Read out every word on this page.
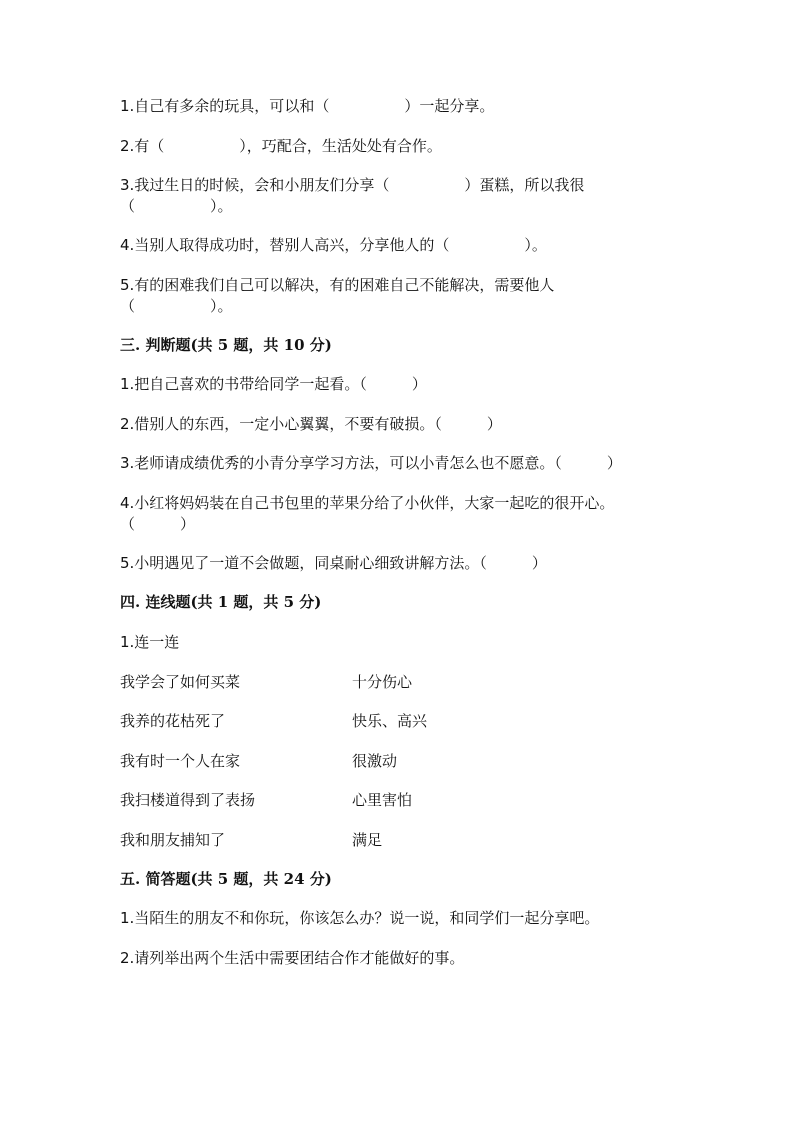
1.自己有多余的玩具，可以和（　　　　　）一起分享。
2.有（　　　　　），巧配合，生活处处有合作。
3.我过生日的时候，会和小朋友们分享（　　　　　）蛋糕，所以我很
（　　　　　）。
4.当别人取得成功时，替别人高兴，分享他人的（　　　　　）。
5.有的困难我们自己可以解决，有的困难自己不能解决，需要他人
（　　　　　）。
三. 判断题(共 5 题，共 10 分)
1.把自己喜欢的书带给同学一起看。（　　　）
2.借别人的东西，一定小心翼翼，不要有破损。（　　　）
3.老师请成绩优秀的小青分享学习方法，可以小青怎么也不愿意。（　　　）
4.小红将妈妈装在自己书包里的苹果分给了小伙伴，大家一起吃的很开心。
（　　　）
5.小明遇见了一道不会做题，同桌耐心细致讲解方法。（　　　）
四. 连线题(共 1 题，共 5 分)
1.连一连
我学会了如何买菜	十分伤心
我养的花枯死了	快乐、高兴
我有时一个人在家	很激动
我扫楼道得到了表扬	心里害怕
我和朋友捕知了	满足
五. 简答题(共 5 题，共 24 分)
1.当陌生的朋友不和你玩，你该怎么办？说一说，和同学们一起分享吧。
2.请列举出两个生活中需要团结合作才能做好的事。
